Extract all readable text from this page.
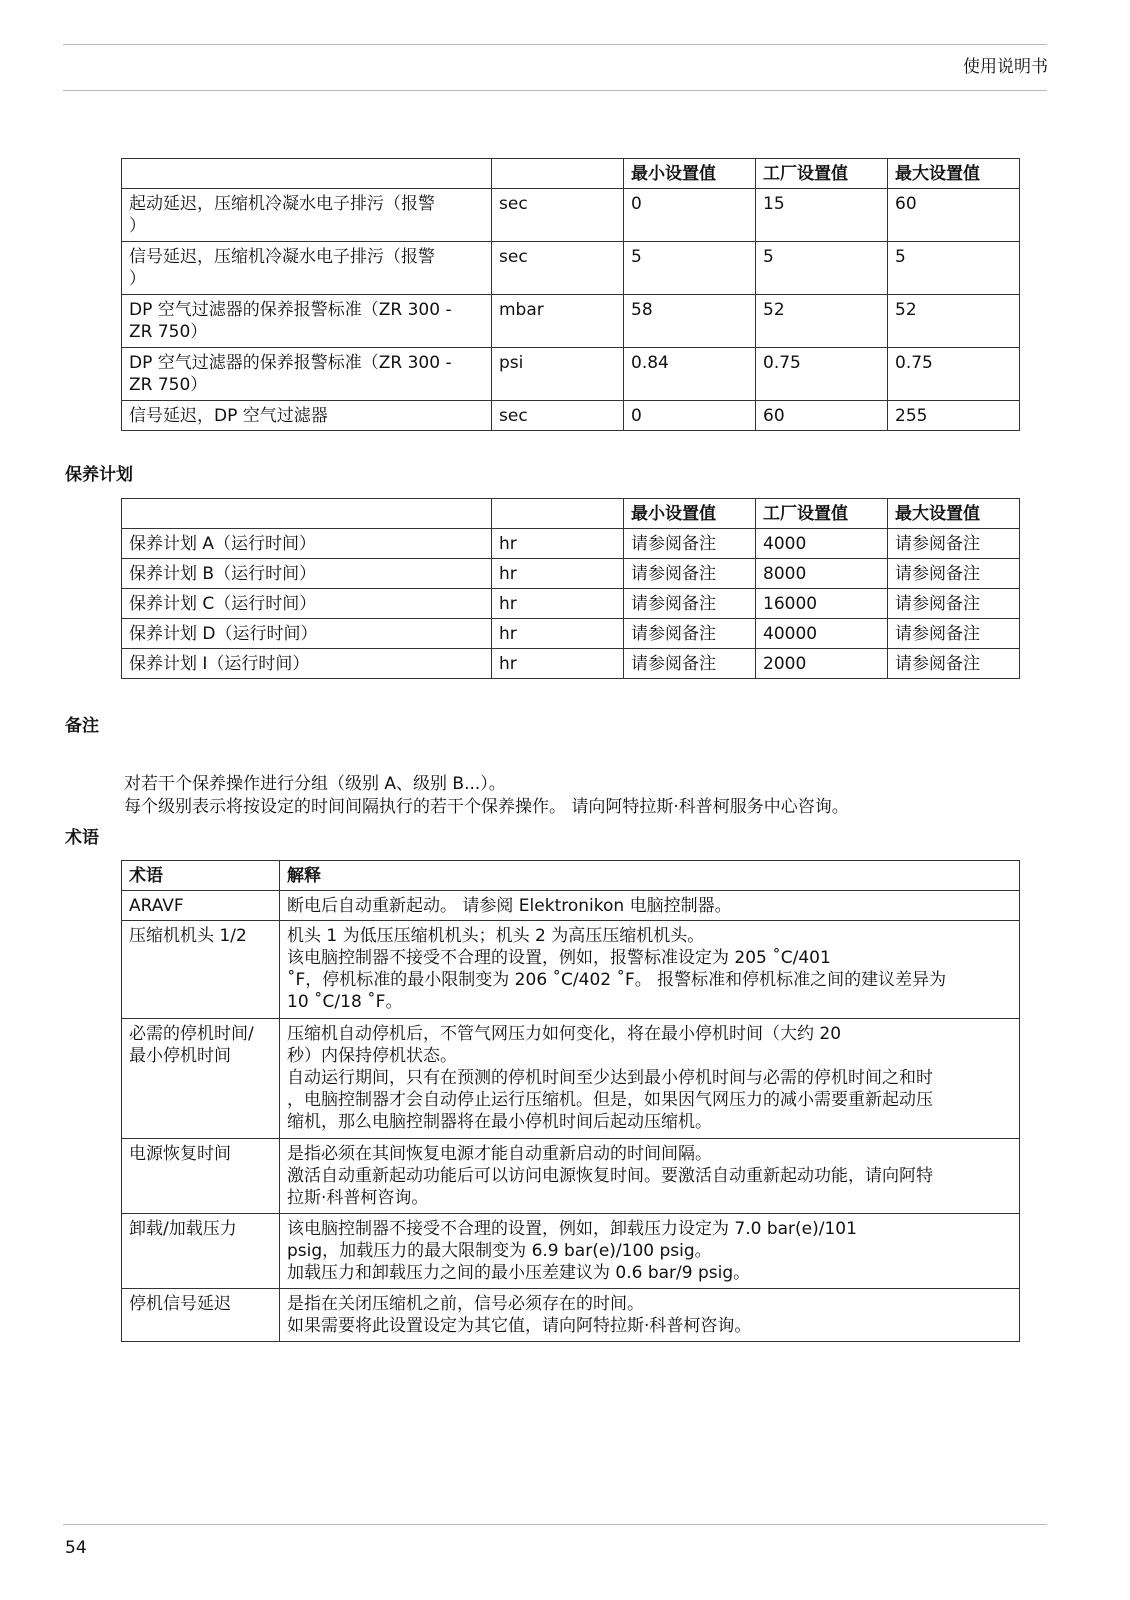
使用说明书
		最小设置值	工厂设置值	最大设置值
起动延迟，压缩机冷凝水电子排污（报警
）	sec	0	15	60
信号延迟，压缩机冷凝水电子排污（报警
）	sec	5	5	5
DP 空气过滤器的保养报警标准（ZR 300 -
ZR 750）	mbar	58	52	52
DP 空气过滤器的保养报警标准（ZR 300 -
ZR 750）	psi	0.84	0.75	0.75
信号延迟，DP 空气过滤器	sec	0	60	255
保养计划
		最小设置值	工厂设置值	最大设置值
保养计划 A（运行时间）	hr	请参阅备注	4000	请参阅备注
保养计划 B（运行时间）	hr	请参阅备注	8000	请参阅备注
保养计划 C（运行时间）	hr	请参阅备注	16000	请参阅备注
保养计划 D（运行时间）	hr	请参阅备注	40000	请参阅备注
保养计划 I（运行时间）	hr	请参阅备注	2000	请参阅备注
备注
对若干个保养操作进行分组（级别 A、级别 B...）。
每个级别表示将按设定的时间间隔执行的若干个保养操作。 请向阿特拉斯·科普柯服务中心咨询。
术语
术语	解释
ARAVF	断电后自动重新起动。 请参阅 Elektronikon 电脑控制器。

压缩机机头 1/2	机头 1 为低压压缩机机头；机头 2 为高压压缩机机头。
该电脑控制器不接受不合理的设置，例如，报警标准设定为 205 ˚C/401
˚F，停机标准的最小限制变为 206 ˚C/402 ˚F。 报警标准和停机标准之间的建议差异为
10 ˚C/18 ˚F。

必需的停机时间/
最小停机时间	压缩机自动停机后，不管气网压力如何变化，将在最小停机时间（大约 20
秒）内保持停机状态。
自动运行期间，只有在预测的停机时间至少达到最小停机时间与必需的停机时间之和时
，电脑控制器才会自动停止运行压缩机。但是，如果因气网压力的减小需要重新起动压
缩机，那么电脑控制器将在最小停机时间后起动压缩机。

电源恢复时间	是指必须在其间恢复电源才能自动重新启动的时间间隔。
激活自动重新起动功能后可以访问电源恢复时间。要激活自动重新起动功能，请向阿特
拉斯·科普柯咨询。

卸载/加载压力	该电脑控制器不接受不合理的设置，例如，卸载压力设定为 7.0 bar(e)/101
psig，加载压力的最大限制变为 6.9 bar(e)/100 psig。
加载压力和卸载压力之间的最小压差建议为 0.6 bar/9 psig。

停机信号延迟	是指在关闭压缩机之前，信号必须存在的时间。
如果需要将此设置设定为其它值，请向阿特拉斯·科普柯咨询。
54
